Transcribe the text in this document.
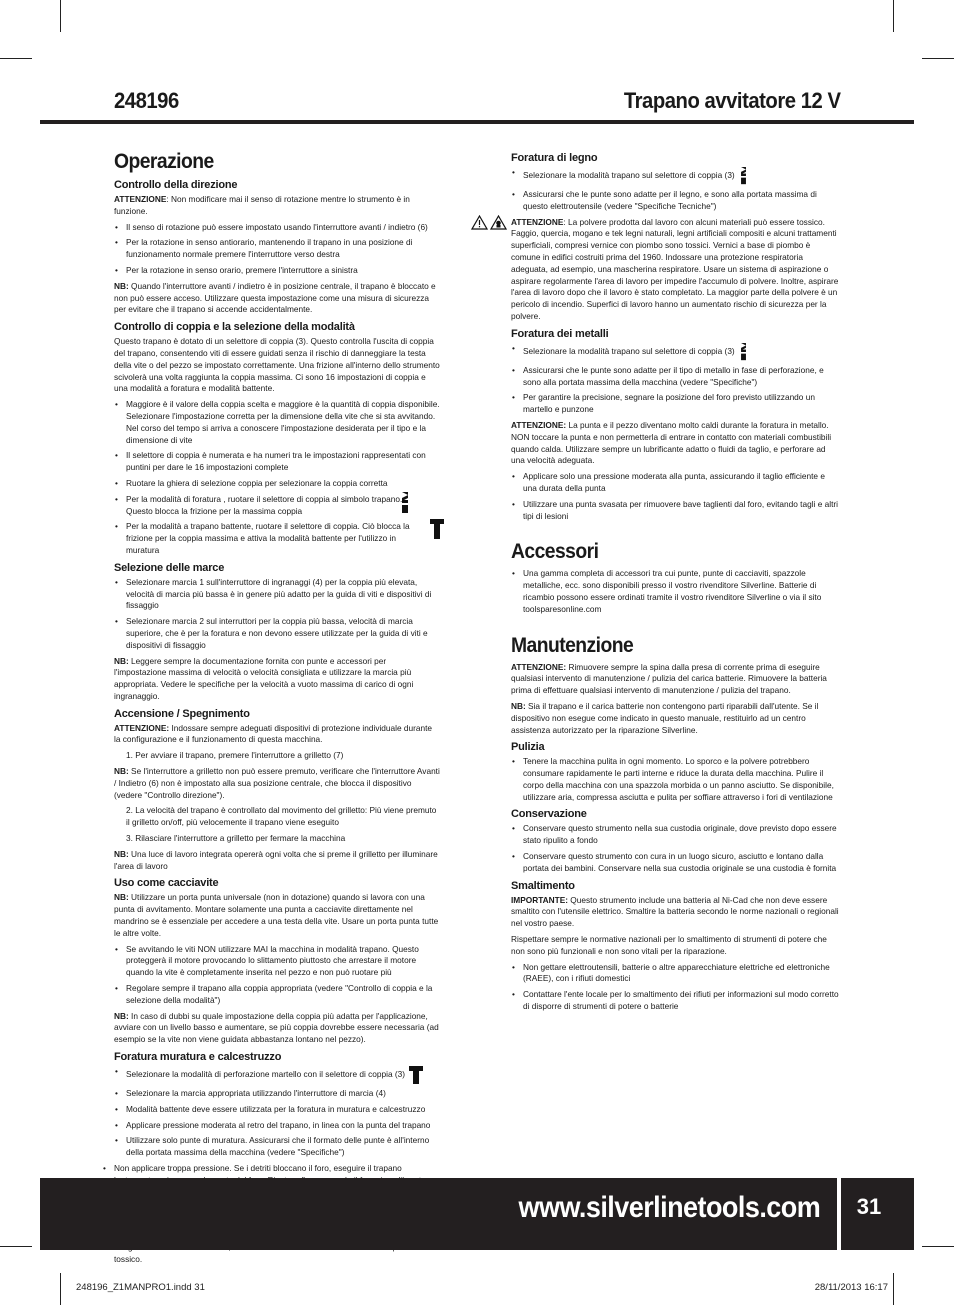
248196	Trapano avvitatore 12 V
Operazione
Controllo della direzione

ATTENZIONE: Non modificare mai il senso di rotazione mentre lo strumento è in funzione.

• Il senso di rotazione può essere impostato usando l'interruttore avanti / indietro (6)
• Per la rotazione in senso antiorario, mantenendo il trapano in una posizione di funzionamento normale premere l'interruttore verso destra
• Per la rotazione in senso orario, premere l'interruttore a sinistra

NB: Quando l'interruttore avanti / indietro è in posizione centrale, il trapano è bloccato e non può essere acceso. Utilizzare questa impostazione come una misura di sicurezza per evitare che il trapano si accende accidentalmente.

Controllo di coppia e la selezione della modalità

Questo trapano è dotato di un selettore di coppia (3). Questo controlla l'uscita di coppia del trapano, consentendo viti di essere guidati senza il rischio di danneggiare la testa della vite o del pezzo se impostato correttamente. Una frizione all'interno dello strumento scivolerà una volta raggiunta la coppia massima. Ci sono 16 impostazioni di coppia e una modalità a foratura e modalità battente.

• Maggiore è il valore della coppia scelta e maggiore è la quantità di coppia disponibile. Selezionare l'impostazione corretta per la dimensione della vite che si sta avvitando. Nel corso del tempo si arriva a conoscere l'impostazione desiderata per il tipo e la dimensione di vite
• Il selettore di coppia è numerata e ha numeri tra le impostazioni rappresentati con puntini per dare le 16 impostazioni complete
• Ruotare la ghiera di selezione coppia per selezionare la coppia corretta
• Per la modalità di foratura , ruotare il selettore di coppia al simbolo trapano. Questo blocca la frizione per la massima coppia
• Per la modalità a trapano battente, ruotare il selettore di coppia. Ciò blocca la frizione per la coppia massima e attiva la modalità battente per l'utilizzo in muratura
Selezione delle marce
• Selezionare marcia 1 sull'interruttore di ingranaggi (4) per la coppia più elevata, velocità di marcia più bassa è in genere più adatto per la guida di viti e dispositivi di fissaggio
• Selezionare marcia 2 sul interruttori per la coppia più bassa, velocità di marcia superiore, che è per la foratura e non devono essere utilizzate per la guida di viti e dispositivi di fissaggio

NB: Leggere sempre la documentazione fornita con punte e accessori per l'impostazione massima di velocità o velocità consigliata e utilizzare la marcia più appropriata. Vedere le specifiche per la velocità a vuoto massima di carico di ogni ingranaggio.

Accensione / Spegnimento

ATTENZIONE: Indossare sempre adeguati dispositivi di protezione individuale durante la configurazione e il funzionamento di questa macchina.

1. Per avviare il trapano, premere l'interruttore a grilletto (7)

NB: Se l'interruttore a grilletto non può essere premuto, verificare che l'interruttore Avanti / Indietro (6) non è impostato alla sua posizione centrale, che blocca il dispositivo (vedere "Controllo direzione").

2. La velocità del trapano è controllato dal movimento del grilletto: Più viene premuto il grilletto on/off, più velocemente il trapano viene eseguito

3. Rilasciare l'interruttore a grilletto per fermare la macchina

NB: Una luce di lavoro integrata opererà ogni volta che si preme il grilletto per illuminare l'area di lavoro

Uso come cacciavite

NB: Utilizzare un porta punta universale (non in dotazione) quando si lavora con una punta di avvitamento. Montare solamente una punta a cacciavite direttamente nel mandrino se è essenziale per accedere a una testa della vite. Usare un porta punta tutte le altre volte.

• Se avvitando le viti NON utilizzare MAI la macchina in modalità trapano. Questo proteggerà il motore provocando lo slittamento piuttosto che arrestare il motore quando la vite è completamente inserita nel pezzo e non può ruotare più
• Regolare sempre il trapano alla coppia appropriata (vedere "Controllo di coppia e la selezione della modalità")

NB: In caso di dubbi su quale impostazione della coppia più adatta per l'applicazione, avviare con un livello basso e aumentare, se più coppia dovrebbe essere necessaria (ad esempio se la vite non viene guidata abbastanza lontano nel pezzo).

Foratura muratura e calcestruzzo
• Selezionare la modalità di perforazione martello con il selettore di coppia (3)
• Selezionare la marcia appropriata utilizzando l'interruttore di marcia (4)
• Modalità battente deve essere utilizzata per la foratura in muratura e calcestruzzo
• Applicare pressione moderata al retro del trapano, in linea con la punta del trapano
• Utilizzare solo punte di muratura. Assicurarsi che il formato delle punte è all'interno della portata massima della macchina (vedere "Specifiche")
• Non applicare troppa pressione. Se i detriti bloccano il foro, eseguire il trapano

tossico.

Foratura di legno
• Selezionare la modalità trapano sul selettore di coppia (3)
• Assicurarsi che le punte sono adatte per il legno, e sono alla portata massima di questo elettroutensile (vedere "Specifiche Tecniche")

ATTENZIONE: La polvere prodotta dal lavoro con alcuni materiali può essere tossico. Faggio, quercia, mogano e tek legni naturali, legni artificiali compositi e alcuni trattamenti superficiali, compresi vernice con piombo sono tossici. Vernici a base di piombo è comune in edifici costruiti prima del 1960. Indossare una protezione respiratoria adeguata, ad esempio, una mascherina respiratore. Usare un sistema di aspirazione o aspirare regolarmente l'area di lavoro per impedire l'accumulo di polvere. Inoltre, aspirare l'area di lavoro dopo che il lavoro è stato completato. La maggior parte della polvere è un pericolo di incendio. Superfici di lavoro hanno un aumentato rischio di sicurezza per la polvere.

Foratura dei metalli
• Selezionare la modalità trapano sul selettore di coppia (3)
• Assicurarsi che le punte sono adatte per il tipo di metallo in fase di perforazione, e sono alla portata massima della macchina (vedere "Specifiche")
• Per garantire la precisione, segnare la posizione del foro previsto utilizzando un martello e punzone

ATTENZIONE: La punta e il pezzo diventano molto caldi durante la foratura in metallo. NON toccare la punta e non permetterla di entrare in contatto con materiali combustibili quando calda. Utilizzare sempre un lubrificante adatto o fluidi da taglio, e perforare ad una velocità adeguata.

• Applicare solo una pressione moderata alla punta, assicurando il taglio efficiente e una durata della punta
• Utilizzare una punta svasata per rimuovere bave taglienti dal foro, evitando tagli e altri tipi di lesioni
Accessori
• Una gamma completa di accessori tra cui punte, punte di cacciaviti, spazzole metalliche, ecc. sono disponibili presso il vostro rivenditore Silverline. Batterie di ricambio possono essere ordinati tramite il vostro rivenditore Silverline o via il sito toolsparesonline.com
Manutenzione

ATTENZIONE: Rimuovere sempre la spina dalla presa di corrente prima di eseguire qualsiasi intervento di manutenzione / pulizia del carica batterie. Rimuovere la batteria prima di effettuare qualsiasi intervento di manutenzione / pulizia del trapano.

NB: Sia il trapano e il carica batterie non contengono parti riparabili dall'utente. Se il dispositivo non esegue come indicato in questo manuale, restituirlo ad un centro assistenza autorizzato per la riparazione Silverline.

Pulizia
• Tenere la macchina pulita in ogni momento. Lo sporco e la polvere potrebbero consumare rapidamente le parti interne e riduce la durata della macchina. Pulire il corpo della macchina con una spazzola morbida o un panno asciutto. Se disponibile, utilizzare aria, compressa asciutta e pulita per soffiare attraverso i fori di ventilazione
Conservazione
• Conservare questo strumento nella sua custodia originale, dove previsto dopo essere stato ripulito a fondo
• Conservare questo strumento con cura in un luogo sicuro, asciutto e lontano dalla portata dei bambini. Conservare nella sua custodia originale se una custodia è fornita
Smaltimento

IMPORTANTE: Questo strumento include una batteria al Ni-Cad che non deve essere smaltito con l'utensile elettrico. Smaltire la batteria secondo le norme nazionali o regionali nel vostro paese.

Rispettare sempre le normative nazionali per lo smaltimento di strumenti di potere che non sono più funzionali e non sono vitali per la riparazione.

• Non gettare elettroutensili, batterie o altre apparecchiature elettriche ed elettroniche (RAEE), con i rifiuti domestici
• Contattare l'ente locale per lo smaltimento dei rifiuti per informazioni sul modo corretto di disporre di strumenti di potere o batterie
www.silverlinetools.com	31
248196_Z1MANPRO1.indd 31	28/11/2013 16:17
